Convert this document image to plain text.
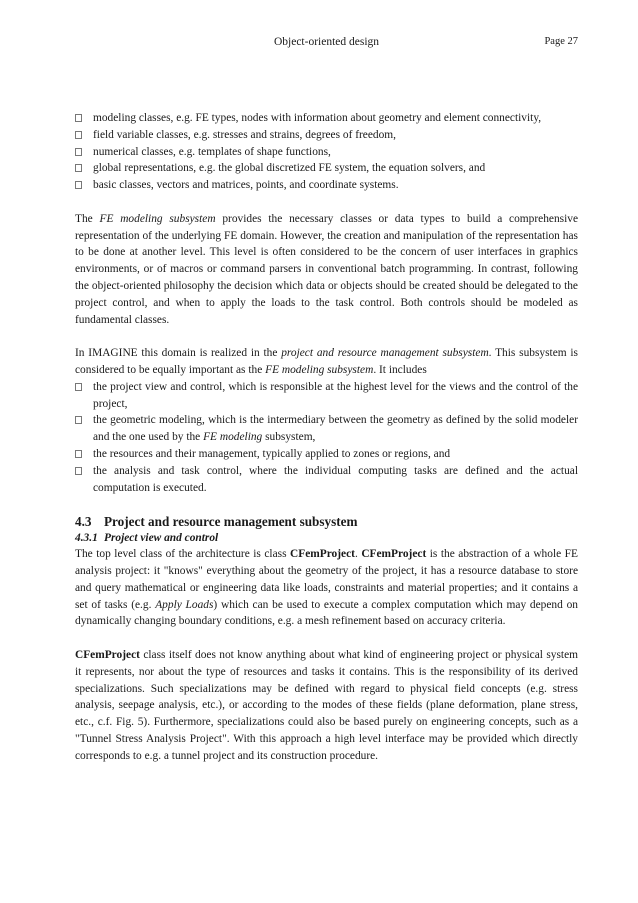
Object-oriented design	Page 27
modeling classes, e.g. FE types, nodes with information about geometry and element connectivity,
field variable classes, e.g. stresses and strains, degrees of freedom,
numerical classes, e.g. templates of shape functions,
global representations, e.g. the global discretized FE system, the equation solvers, and
basic classes, vectors and matrices, points, and coordinate systems.

The FE modeling subsystem provides the necessary classes or data types to build a comprehensive representation of the underlying FE domain. However, the creation and manipulation of the representation has to be done at another level. This level is often considered to be the concern of user interfaces in graphics environments, or of macros or command parsers in conventional batch programming. In contrast, following the object-oriented philosophy the decision which data or objects should be created should be delegated to the project control, and when to apply the loads to the task control. Both controls should be modeled as fundamental classes.

In IMAGINE this domain is realized in the project and resource management subsystem. This subsystem is considered to be equally important as the FE modeling subsystem. It includes

the project view and control, which is responsible at the highest level for the views and the control of the project,
the geometric modeling, which is the intermediary between the geometry as defined by the solid modeler and the one used by the FE modeling subsystem,
the resources and their management, typically applied to zones or regions, and
the analysis and task control, where the individual computing tasks are defined and the actual computation is executed.
4.3 Project and resource management subsystem
4.3.1 Project view and control

The top level class of the architecture is class CFemProject. CFemProject is the abstraction of a whole FE analysis project: it "knows" everything about the geometry of the project, it has a resource database to store and query mathematical or engineering data like loads, constraints and material properties; and it contains a set of tasks (e.g. Apply Loads) which can be used to execute a complex computation which may depend on dynamically changing boundary conditions, e.g. a mesh refinement based on accuracy criteria.

CFemProject class itself does not know anything about what kind of engineering project or physical system it represents, nor about the type of resources and tasks it contains. This is the responsibility of its derived specializations. Such specializations may be defined with regard to physical field concepts (e.g. stress analysis, seepage analysis, etc.), or according to the modes of these fields (plane deformation, plane stress, etc., c.f. Fig. 5). Furthermore, specializations could also be based purely on engineering concepts, such as a "Tunnel Stress Analysis Project". With this approach a high level interface may be provided which directly corresponds to e.g. a tunnel project and its construction procedure.
